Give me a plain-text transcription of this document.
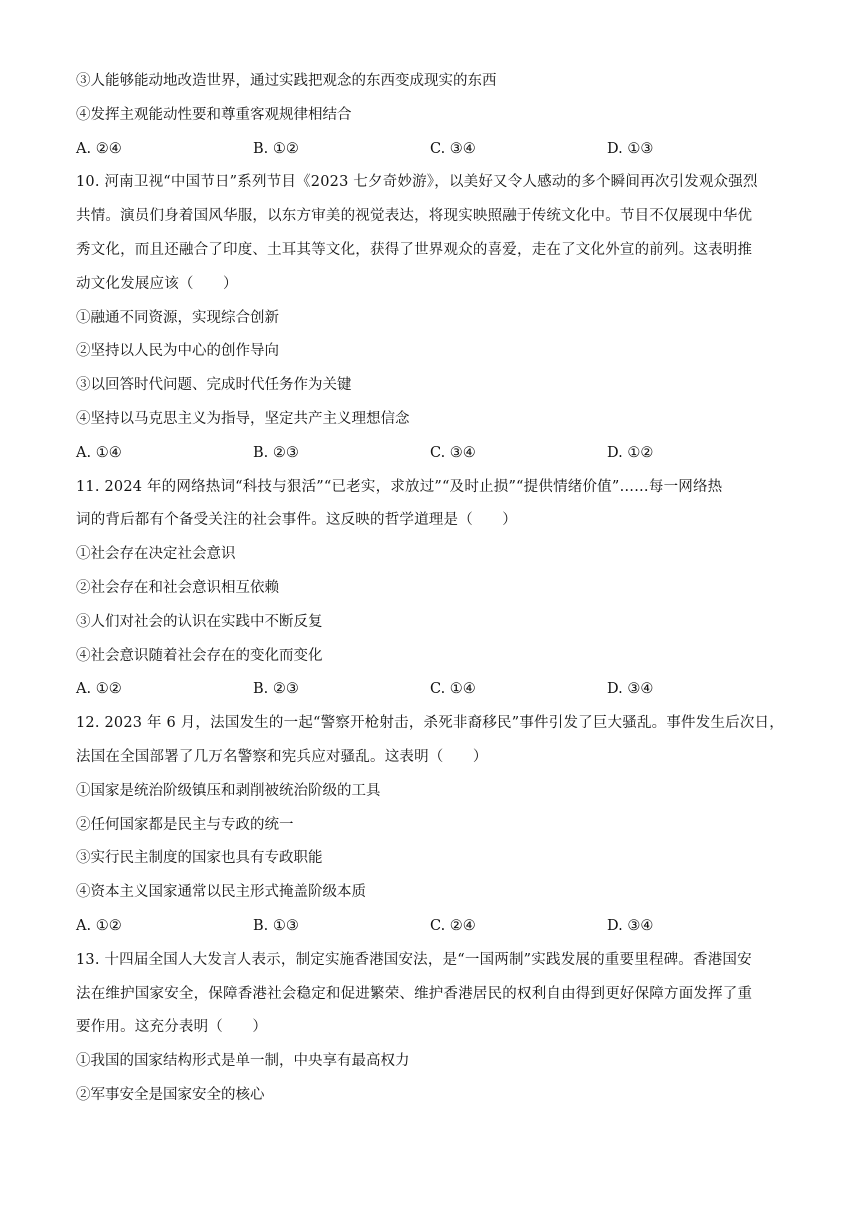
③人能够能动地改造世界，通过实践把观念的东西变成现实的东西
④发挥主观能动性要和尊重客观规律相结合
A. ②④	B. ①②	C. ③④	D. ①③
10. 河南卫视“中国节日”系列节目《2023 七夕奇妙游》，以美好又令人感动的多个瞬间再次引发观众强烈
共情。演员们身着国风华服，以东方审美的视觉表达，将现实映照融于传统文化中。节目不仅展现中华优
秀文化，而且还融合了印度、土耳其等文化，获得了世界观众的喜爱，走在了文化外宣的前列。这表明推
动文化发展应该（　　）
①融通不同资源，实现综合创新
②坚持以人民为中心的创作导向
③以回答时代问题、完成时代任务作为关键
④坚持以马克思主义为指导，坚定共产主义理想信念
A. ①④	B. ②③	C. ③④	D. ①②
11. 2024 年的网络热词“科技与狠活”“已老实，求放过”“及时止损”“提供情绪价值”……每一网络热
词的背后都有个备受关注的社会事件。这反映的哲学道理是（　　）
①社会存在决定社会意识
②社会存在和社会意识相互依赖
③人们对社会的认识在实践中不断反复
④社会意识随着社会存在的变化而变化
A. ①②	B. ②③	C. ①④	D. ③④
12. 2023 年 6 月，法国发生的一起“警察开枪射击，杀死非裔移民”事件引发了巨大骚乱。事件发生后次日，
法国在全国部署了几万名警察和宪兵应对骚乱。这表明（　　）
①国家是统治阶级镇压和剥削被统治阶级的工具
②任何国家都是民主与专政的统一
③实行民主制度的国家也具有专政职能
④资本主义国家通常以民主形式掩盖阶级本质
A. ①②	B. ①③	C. ②④	D. ③④
13. 十四届全国人大发言人表示，制定实施香港国安法，是“一国两制”实践发展的重要里程碑。香港国安
法在维护国家安全，保障香港社会稳定和促进繁荣、维护香港居民的权利自由得到更好保障方面发挥了重
要作用。这充分表明（　　）
①我国的国家结构形式是单一制，中央享有最高权力
②军事安全是国家安全的核心
